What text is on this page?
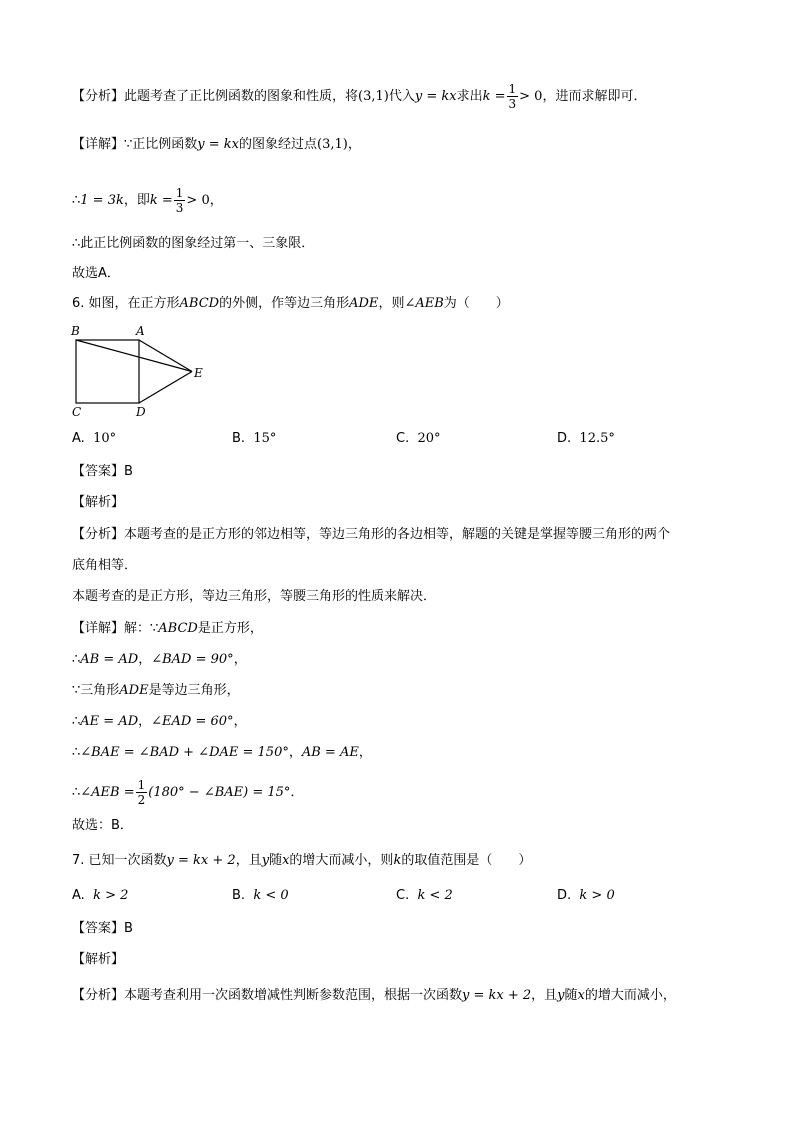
【分析】此题考查了正比例函数的图象和性质，将(3,1)代入y = kx求出$k = \frac{1}{3} > 0$，进而求解即可．
【详解】∵正比例函数y = kx的图象经过点(3,1)，
∴1 = 3k，即$k = \frac{1}{3} > 0$，
∴此正比例函数的图象经过第一、三象限．
故选A．
6. 如图，在正方形ABCD的外侧，作等边三角形ADE，则∠AEB为（　　）
B	A
E
C	D
A. 10°	B. 15°	C. 20°	D. 12.5°
【答案】B
【解析】
【分析】本题考查的是正方形的邻边相等，等边三角形的各边相等，解题的关键是掌握等腰三角形的两个
底角相等．
本题考查的是正方形，等边三角形，等腰三角形的性质来解决．
【详解】解：∵ABCD是正方形，
∴AB = AD，∠BAD = 90°，
∵三角形ADE是等边三角形，
∴AE = AD，∠EAD = 60°，
∴∠BAE = ∠BAD + ∠DAE = 150°，AB = AE，
∴∠AEB = $\frac{1}{2} (180^\circ$ − ∠BAE) = 15°．
故选：B．
7. 已知一次函数y = kx + 2，且y随x的增大而减小，则k的取值范围是（　　）
A. k > 2	B. k < 0	C. k < 2	D. k > 0
【答案】B
【解析】
【分析】本题考查利用一次函数增减性判断参数范围，根据一次函数y = kx + 2，且y随x的增大而减小，
